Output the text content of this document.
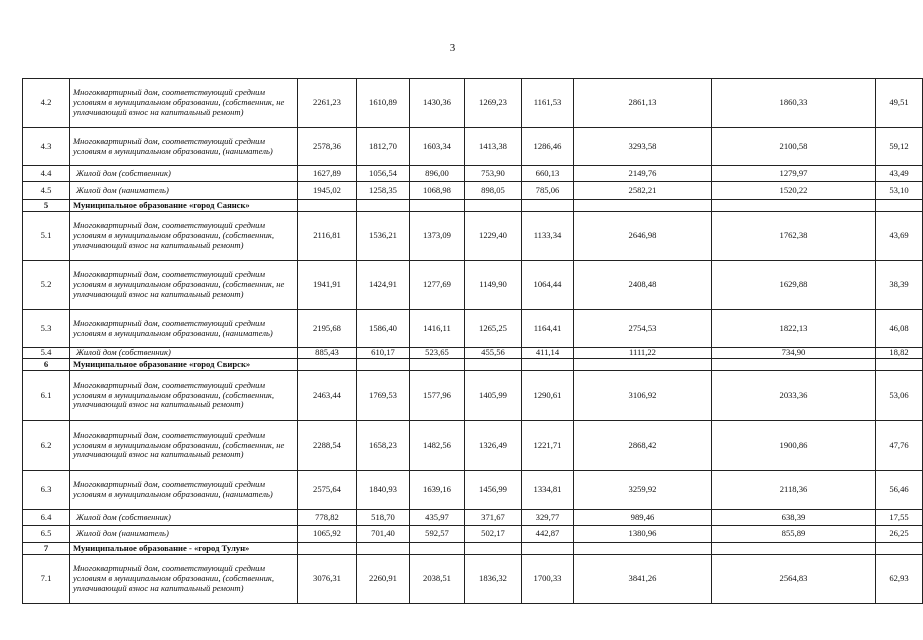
3
4.2	Многоквартирный дом, соответствующий средним условиям в муниципальном образовании, (собственник, не уплачивающий взнос на капитальный ремонт)	2261,23	1610,89	1430,36	1269,23	1161,53	2861,13	1860,33	49,51
4.3	Многоквартирный дом, соответствующий средним условиям в муниципальном образовании, (наниматель)	2578,36	1812,70	1603,34	1413,38	1286,46	3293,58	2100,58	59,12
4.4	Жилой дом (собственник)	1627,89	1056,54	896,00	753,90	660,13	2149,76	1279,97	43,49
4.5	Жилой дом (наниматель)	1945,02	1258,35	1068,98	898,05	785,06	2582,21	1520,22	53,10
5	Муниципальное образование «город Саянск»								
5.1	Многоквартирный дом, соответствующий средним условиям в муниципальном образовании, (собственник, уплачивающий взнос на капитальный ремонт)	2116,81	1536,21	1373,09	1229,40	1133,34	2646,98	1762,38	43,69
5.2	Многоквартирный дом, соответствующий средним условиям в муниципальном образовании, (собственник, не уплачивающий взнос на капитальный ремонт)	1941,91	1424,91	1277,69	1149,90	1064,44	2408,48	1629,88	38,39
5.3	Многоквартирный дом, соответствующий средним условиям в муниципальном образовании, (наниматель)	2195,68	1586,40	1416,11	1265,25	1164,41	2754,53	1822,13	46,08
5.4	Жилой дом (собственник)	885,43	610,17	523,65	455,56	411,14	1111,22	734,90	18,82
6	Муниципальное образование «город Свирск»								
6.1	Многоквартирный дом, соответствующий средним условиям в муниципальном образовании, (собственник, уплачивающий взнос на капитальный ремонт)	2463,44	1769,53	1577,96	1405,99	1290,61	3106,92	2033,36	53,06
6.2	Многоквартирный дом, соответствующий средним условиям в муниципальном образовании, (собственник, не уплачивающий взнос на капитальный ремонт)	2288,54	1658,23	1482,56	1326,49	1221,71	2868,42	1900,86	47,76
6.3	Многоквартирный дом, соответствующий средним условиям в муниципальном образовании, (наниматель)	2575,64	1840,93	1639,16	1456,99	1334,81	3259,92	2118,36	56,46
6.4	Жилой дом (собственник)	778,82	518,70	435,97	371,67	329,77	989,46	638,39	17,55
6.5	Жилой дом (наниматель)	1065,92	701,40	592,57	502,17	442,87	1380,96	855,89	26,25
7	Муниципальное образование - «город Тулун»								
7.1	Многоквартирный дом, соответствующий средним условиям в муниципальном образовании, (собственник, уплачивающий взнос на капитальный ремонт)	3076,31	2260,91	2038,51	1836,32	1700,33	3841,26	2564,83	62,93
